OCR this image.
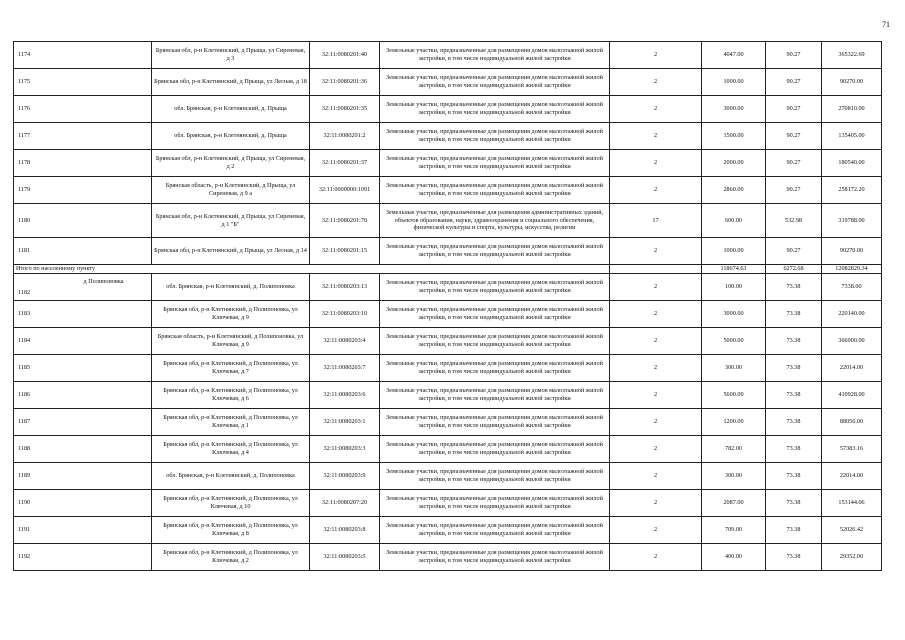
71
1174	Брянская обл, р-н Клетнянский, д Прыща, ул Сиреневая, д 3	32:11:0080201:40	Земельные участки, предназначенные для размещения домов малоэтажной жилой застройки, в том числе индивидуальной жилой застройки	2	4047.00	90.27	365322.69
1175	Брянская обл, р-н Клетнянский, д Прыща, ул Лесная, д 18	32:11:0080201:36	Земельные участки, предназначенные для размещения домов малоэтажной жилой застройки, в том числе индивидуальной жилой застройки	2	1000.00	90.27	90270.00
1176	обл. Брянская, р-н Клетнянский, д. Прыща	32:11:0080201:35	Земельные участки, предназначенные для размещения домов малоэтажной жилой застройки, в том числе индивидуальной жилой застройки	2	3000.00	90.27	270810.00
1177	обл. Брянская, р-н Клетнянский, д. Прыща	32:11:0080201:2	Земельные участки, предназначенные для размещения домов малоэтажной жилой застройки, в том числе индивидуальной жилой застройки	2	1500.00	90.27	135405.00
1178	Брянская обл, р-н Клетнянский, д Прыща, ул Сиреневая, д 2	32:11:0080201:37	Земельные участки, предназначенные для размещения домов малоэтажной жилой застройки, в том числе индивидуальной жилой застройки	2	2000.00	90.27	180540.00
1179	Брянская область, р-н Клетнянский, д Прыща, ул Сиреневая, д 9 а	32:11:0000000:1091	Земельные участки, предназначенные для размещения домов малоэтажной жилой застройки, в том числе индивидуальной жилой застройки	2	2860.00	90.27	258172.20
1180	Брянская обл, р-н Клетнянский, д Прыща, ул Сиреневая, д 1 "Б"	32:11:0080201:70	Земельные участки, предназначенные для размещения административных зданий, объектов образования, науки, здравоохранения и социального обеспечения, физической культуры и спорта, культуры, искусства, религии	17	600.00	532.98	319788.00
1181	Брянская обл, р-н Клетнянский, д Прыща, ул Лесная, д 14	32:11:0080201:15	Земельные участки, предназначенные для размещения домов малоэтажной жилой застройки, в том числе индивидуальной жилой застройки	2	1000.00	90.27	90270.00
Итого по населенному пункту					118674.63	6272.68	12082829.34

д Полипоновка
1182	обл. Брянская, р-н Клетнянский, д. Полипоновка	32:11:0080203:13	Земельные участки, предназначенные для размещения домов малоэтажной жилой застройки, в том числе индивидуальной жилой застройки	2	100.00	73.38	7338.00
1183	Брянская обл, р-н Клетнянский, д Полипоновка, ул Ключевая, д 9	32:11:0080203:10	Земельные участки, предназначенные для размещения домов малоэтажной жилой застройки, в том числе индивидуальной жилой застройки	2	3000.00	73.38	220140.00
1184	Брянская область, р-н Клетнянский, д Полипоновка, ул Ключевая, д 9	32:11:0080203:4	Земельные участки, предназначенные для размещения домов малоэтажной жилой застройки, в том числе индивидуальной жилой застройки	2	5000.00	73.38	366900.00
1185	Брянская обл, р-н Клетнянский, д Полипоновка, ул Ключевая, д 7	32:11:0080203:7	Земельные участки, предназначенные для размещения домов малоэтажной жилой застройки, в том числе индивидуальной жилой застройки	2	300.00	73.38	22014.00
1186	Брянская обл, р-н Клетнянский, д Полипоновка, ул Ключевая, д 6	32:11:0080203:6	Земельные участки, предназначенные для размещения домов малоэтажной жилой застройки, в том числе индивидуальной жилой застройки	2	5600.00	73.38	410928.00
1187	Брянская обл, р-н Клетнянский, д Полипоновка, ул Ключевая, д 1	32:11:0080203:1	Земельные участки, предназначенные для размещения домов малоэтажной жилой застройки, в том числе индивидуальной жилой застройки	2	1200.00	73.38	88056.00
1188	Брянская обл, р-н Клетнянский, д Полипоновка, ул Ключевая, д 4	32:11:0080203:3	Земельные участки, предназначенные для размещения домов малоэтажной жилой застройки, в том числе индивидуальной жилой застройки	2	782.00	73.38	57383.16
1189	обл. Брянская, р-н Клетнянский, д. Полипоновка	32:11:0080203:9	Земельные участки, предназначенные для размещения домов малоэтажной жилой застройки, в том числе индивидуальной жилой застройки	2	300.00	73.38	22014.00
1190	Брянская обл, р-н Клетнянский, д Полипоновка, ул Ключевая, д 10	32:11:0080207:20	Земельные участки, предназначенные для размещения домов малоэтажной жилой застройки, в том числе индивидуальной жилой застройки	2	2087.00	73.38	153144.06
1191	Брянская обл, р-н Клетнянский, д Полипоновка, ул Ключевая, д 8	32:11:0080203:8	Земельные участки, предназначенные для размещения домов малоэтажной жилой застройки, в том числе индивидуальной жилой застройки	2	709.00	73.38	52026.42
1192	Брянская обл, р-н Клетнянский, д Полипоновка, ул Ключевая, д 2	32:11:0080203:5	Земельные участки, предназначенные для размещения домов малоэтажной жилой застройки, в том числе индивидуальной жилой застройки	2	400.00	73.38	29352.00
